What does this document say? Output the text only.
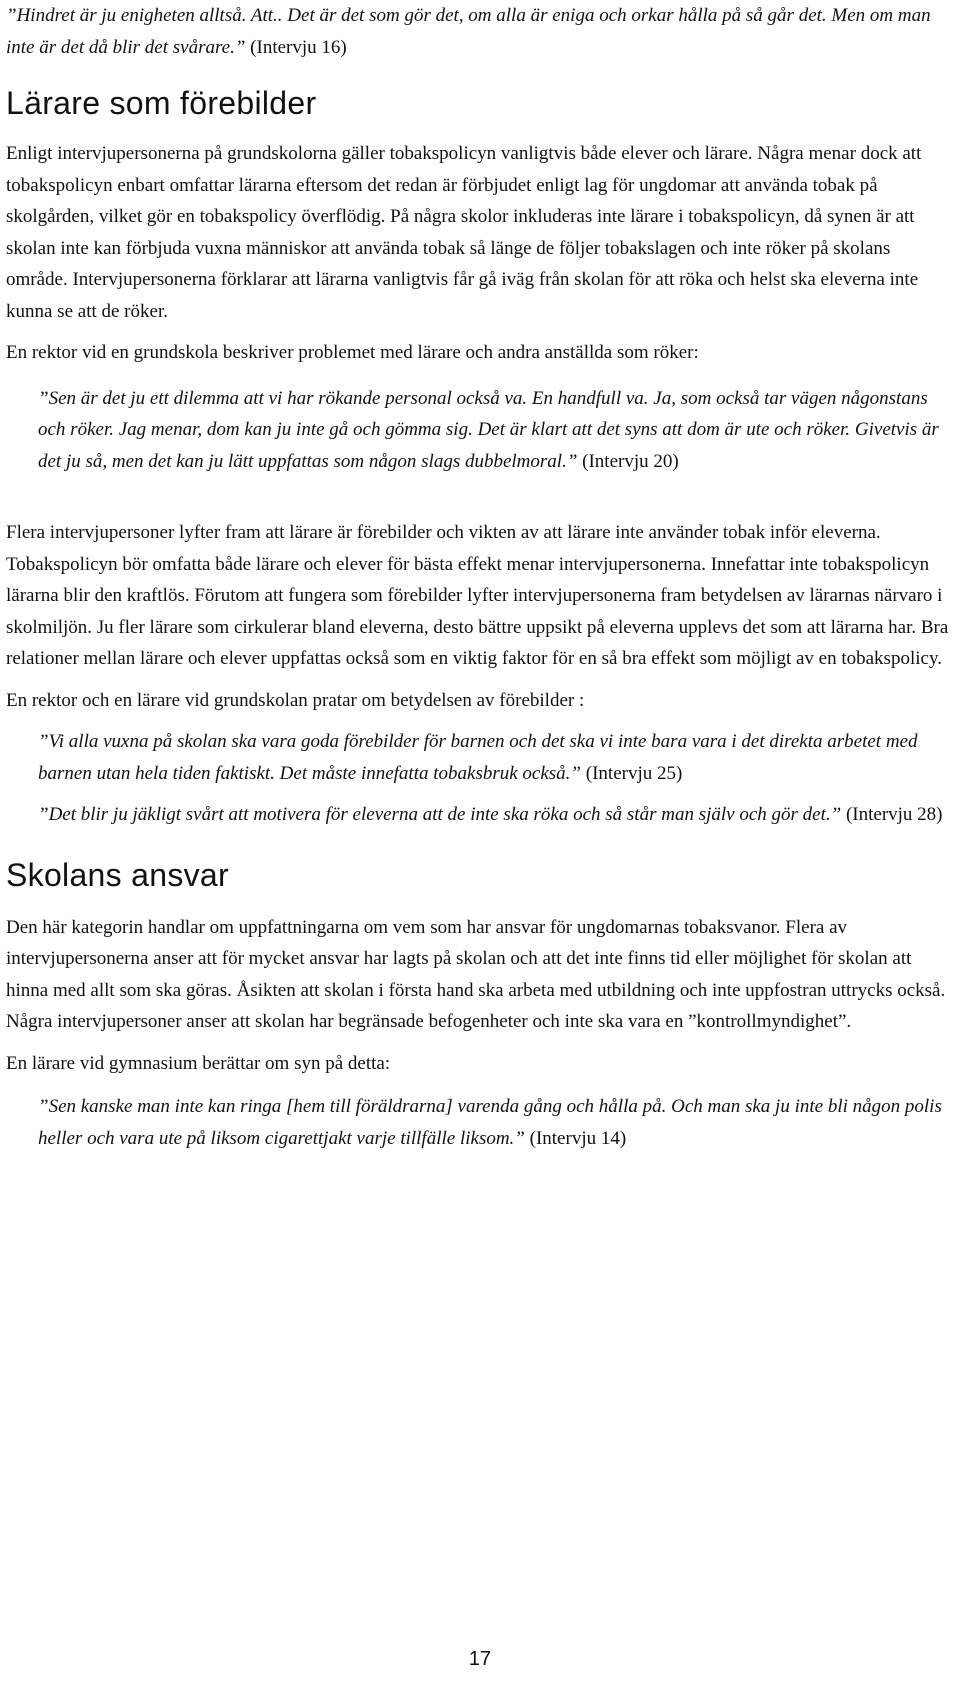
”Hindret är ju enigheten alltså. Att.. Det är det som gör det, om alla är eniga och orkar hålla på så går det. Men om man inte är det då blir det svårare.” (Intervju 16)

Lärare som förebilder

Enligt intervjupersonerna på grundskolorna gäller tobakspolicyn vanligtvis både elever och lärare. Några menar dock att tobakspolicyn enbart omfattar lärarna eftersom det redan är förbjudet enligt lag för ungdomar att använda tobak på skolgården, vilket gör en tobakspolicy överflödig. På några skolor inkluderas inte lärare i tobakspolicyn, då synen är att skolan inte kan förbjuda vuxna människor att använda tobak så länge de följer tobakslagen och inte röker på skolans område. Intervjupersonerna förklarar att lärarna vanligtvis får gå iväg från skolan för att röka och helst ska eleverna inte kunna se att de röker.

En rektor vid en grundskola beskriver problemet med lärare och andra anställda som röker:

”Sen är det ju ett dilemma att vi har rökande personal också va. En handfull va. Ja, som också tar vägen någonstans och röker. Jag menar, dom kan ju inte gå och gömma sig. Det är klart att det syns att dom är ute och röker. Givetvis är det ju så, men det kan ju lätt uppfattas som någon slags dubbelmoral.” (Intervju 20)

Flera intervjupersoner lyfter fram att lärare är förebilder och vikten av att lärare inte använder tobak inför eleverna. Tobakspolicyn bör omfatta både lärare och elever för bästa effekt menar intervjupersonerna. Innefattar inte tobakspolicyn lärarna blir den kraftlös. Förutom att fungera som förebilder lyfter intervjupersonerna fram betydelsen av lärarnas närvaro i skolmiljön. Ju fler lärare som cirkulerar bland eleverna, desto bättre uppsikt på eleverna upplevs det som att lärarna har. Bra relationer mellan lärare och elever uppfattas också som en viktig faktor för en så bra effekt som möjligt av en tobakspolicy.

En rektor och en lärare vid grundskolan pratar om betydelsen av förebilder :

”Vi alla vuxna på skolan ska vara goda förebilder för barnen och det ska vi inte bara vara i det direkta arbetet med barnen utan hela tiden faktiskt. Det måste innefatta tobaksbruk också.” (Intervju 25)

”Det blir ju jäkligt svårt att motivera för eleverna att de inte ska röka och så står man själv och gör det.” (Intervju 28)

Skolans ansvar

Den här kategorin handlar om uppfattningarna om vem som har ansvar för ungdomarnas tobaksvanor. Flera av intervjupersonerna anser att för mycket ansvar har lagts på skolan och att det inte finns tid eller möjlighet för skolan att hinna med allt som ska göras. Åsikten att skolan i första hand ska arbeta med utbildning och inte uppfostran uttrycks också. Några intervjupersoner anser att skolan har begränsade befogenheter och inte ska vara en ”kontrollmyndighet”.

En lärare vid gymnasium berättar om syn på detta:

”Sen kanske man inte kan ringa [hem till föräldrarna] varenda gång och hålla på. Och man ska ju inte bli någon polis heller och vara ute på liksom cigarettjakt varje tillfälle liksom.” (Intervju 14)

17
